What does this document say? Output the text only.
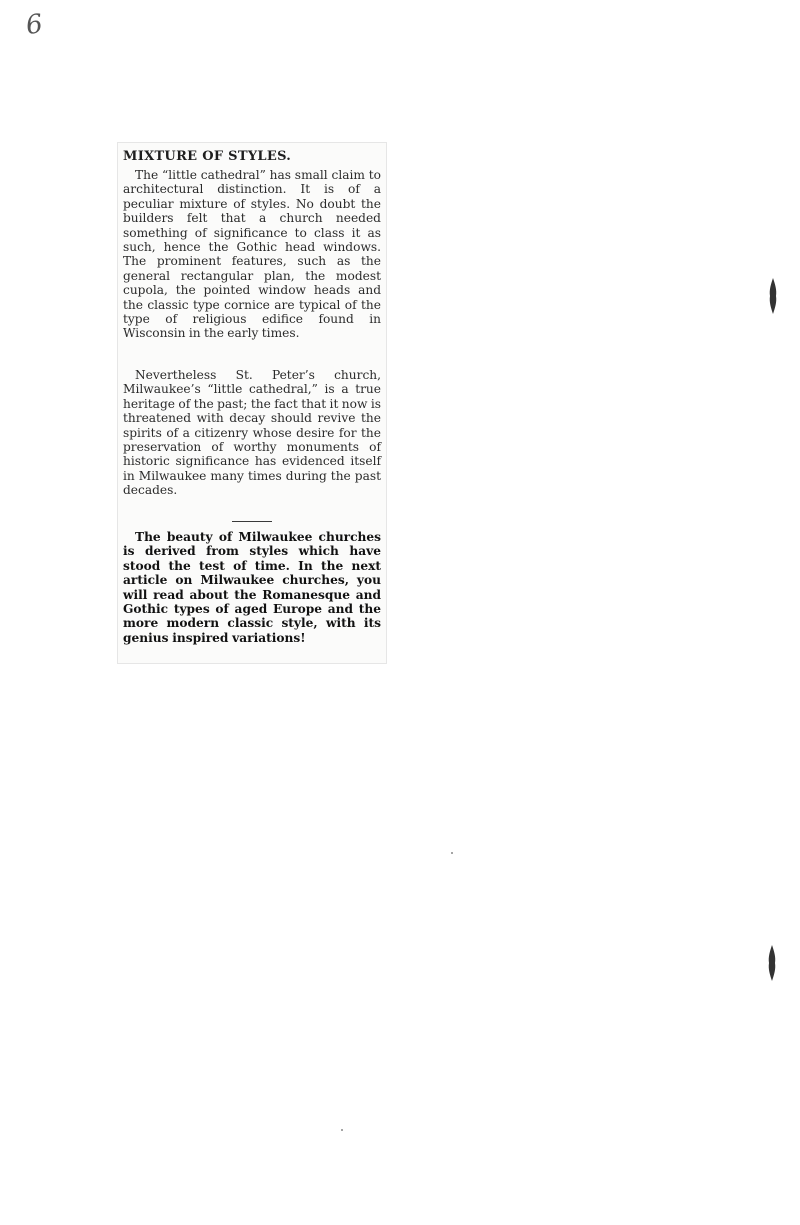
6
MIXTURE OF STYLES.

The “little cathedral” has small claim to architectural distinction. It is of a peculiar mixture of styles. No doubt the builders felt that a church needed something of significance to class it as such, hence the Gothic head windows. The prominent features, such as the general rectangular plan, the modest cupola, the pointed window heads and the classic type cornice are typical of the type of religious edifice found in Wisconsin in the early times.

Nevertheless St. Peter’s church, Milwaukee’s “little cathedral,” is a true heritage of the past; the fact that it now is threatened with decay should revive the spirits of a citizenry whose desire for the preservation of worthy monuments of historic significance has evidenced itself in Milwaukee many times during the past decades.

The beauty of Milwaukee churches is derived from styles which have stood the test of time. In the next article on Milwaukee churches, you will read about the Romanesque and Gothic types of aged Europe and the more modern classic style, with its genius inspired variations!
